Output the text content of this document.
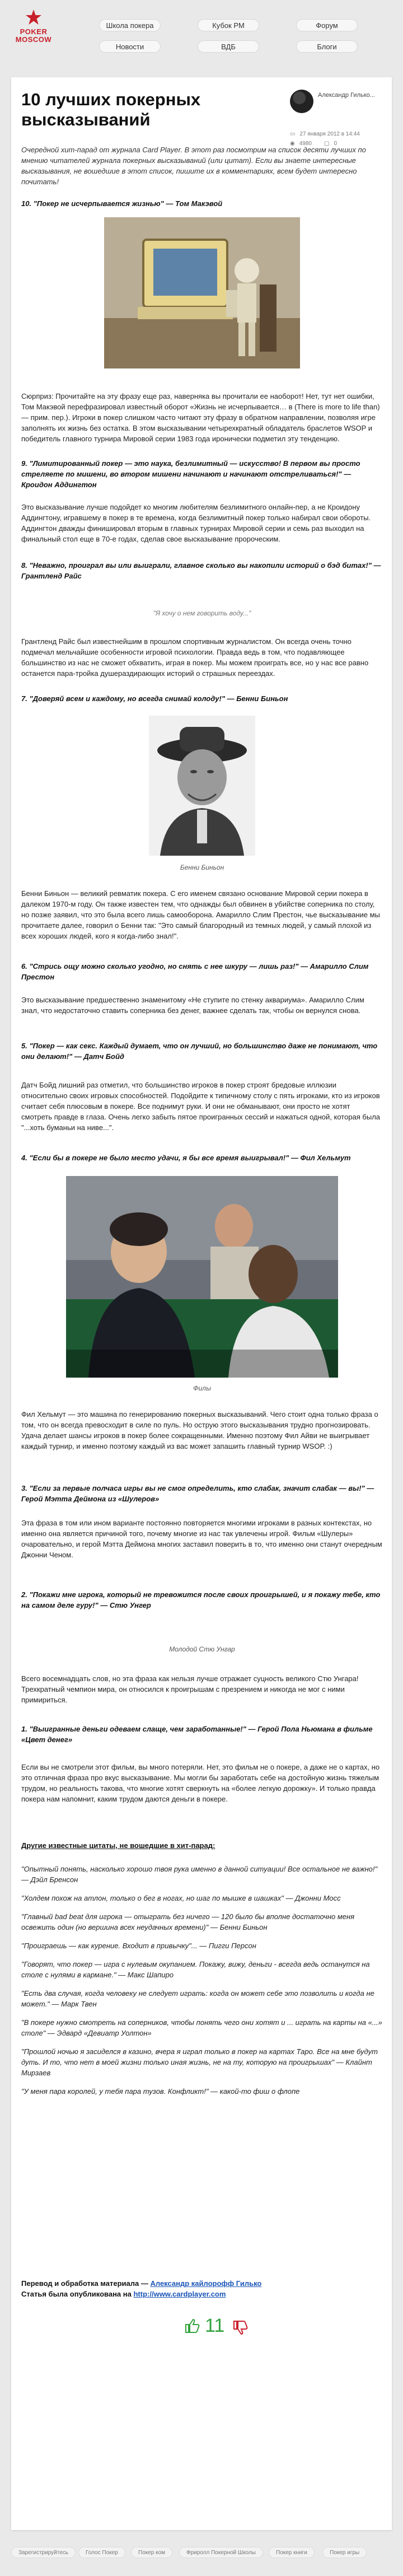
POKER
MOSCOW
Школа покера	Кубок РМ	Форум
Новости	ВДБ	Блоги
10 лучших покерных высказываний
Александр Гилько...
▭ 27 января 2012 в 14:44
◉ 4980 ▢ 0

Очередной хит-парад от журнала Card Player. В этот раз посмотрим на список десяти лучших по мнению читателей журнала покерных высказываний (или цитат). Если вы знаете интересные высказывания, не вошедшие в этот список, пишите их в комментариях, всем будет интересно почитать!

10. "Покер не исчерпывается жизнью" — Том Макэвой

Сюрприз: Прочитайте на эту фразу еще раз, наверняка вы прочитали ее наоборот! Нет, тут нет ошибки, Том Макэвой перефразировал известный оборот «Жизнь не исчерпывается… в (There is more to life than) — прим. пер.). Игроки в покер слишком часто читают эту фразу в обратном направлении, позволяя игре заполнять их жизнь без остатка. В этом высказывании четырехкратный обладатель браслетов WSOP и победитель главного турнира Мировой серии 1983 года иронически подметил эту тенденцию.

9. "Лимитированный покер — это наука, безлимитный — искусство! В первом вы просто стреляете по мишени, во втором мишени начинают и начинают отстреливаться!" — Кроидон Аддингтон

Это высказывание лучше подойдет ко многим любителям безлимитного онлайн-пер, а не Кроидону Аддингтону, игравшему в покер в те времена, когда безлимитный покер только набирал свои обороты. Аддингтон дважды финишировал вторым в главных турнирах Мировой серии и семь раз выходил на финальный стол еще в 70-е годах, сделав свое высказывание пророческим.

8. "Неважно, проиграл вы или выиграли, главное сколько вы накопили историй о бэд битах!" — Грантленд Райс

"Я хочу о нем говорить воду..."

Грантленд Райс был известнейшим в прошлом спортивным журналистом. Он всегда очень точно подмечал мельчайшие особенности игровой психологии. Правда ведь в том, что подавляющее большинство из нас не сможет обхватить, играя в покер. Мы можем проиграть все, но у нас все равно останется пара-тройка душераздирающих историй о страшных переездах.

7. "Доверяй всем и каждому, но всегда снимай колоду!" — Бенни Биньон

Бенни Биньон

Бенни Биньон — великий ревматик покера. С его именем связано основание Мировой серии покера в далеком 1970-м году. Он также известен тем, что однажды был обвинен в убийстве соперника по столу, но позже заявил, что это была всего лишь самооборона. Амарилло Слим Престон, чье высказывание мы прочитаете далее, говорил о Бенни так: "Это самый благородный из темных людей, у самый плохой из всех хороших людей, кого я когда-либо знал!".

6. "Стрись ощу можно сколько угодно, но снять с нее шкуру — лишь раз!" — Амарилло Слим Престон

Это высказывание предшественно знаменитому «Не ступите по стенку аквариума». Амарилло Слим знал, что недостаточно ставить соперника без денег, важнее сделать так, чтобы он вернулся снова.

5. "Покер — как секс. Каждый думает, что он лучший, но большинство даже не понимают, что они делают!" — Датч Бойд

Датч Бойд лишний раз отметил, что большинство игроков в покер строят бредовые иллюзии относительно своих игровых способностей. Подойдите к типичному столу с пять игроками, кто из игроков считает себя плюсовым в покере. Все поднимут руки. И они не обманывают, они просто не хотят смотреть правде в глаза. Очень легко забыть пятое проигранных сессий и нажаться одной, которая была "...хоть буманьи на ниве...".

4. "Если бы в покере не было место удачи, я бы все время выигрывал!" — Фил Хельмут

Филы

Фил Хельмут — это машина по генерированию покерных высказываний. Чего стоит одна только фраза о том, что он всегда превосходит в силе по пуль. Но острую этого высказывания трудно прогнозировать. Удача делает шансы игроков в покер более сокращенными. Именно поэтому Фил Айви не выигрывает каждый турнир, и именно поэтому каждый из вас может запашить главный турнир WSOP. :)

3. "Если за первые полчаса игры вы не смог определить, кто слабак, значит слабак — вы!" — Герой Мэтта Деймона из «Шулеров»

Эта фраза в том или ином варианте постоянно повторяется многими игроками в разных контекстах, но именно она является причиной того, почему многие из нас так увлечены игрой. Фильм «Шулеры» очаровательно, и герой Мэтта Деймона многих заставил поверить в то, что именно они станут очередным Джонни Ченом.

2. "Покажи мне игрока, который не тревожится после своих проигрышей, и я покажу тебе, кто на самом деле гуру!" — Стю Унгер

Молодой Стю Унгар

Всего восемнадцать слов, но эта фраза как нельзя лучше отражает суцность великого Стю Унгара! Трехкратный чемпион мира, он относился к проигрышам с презрением и никогда не мог с ними примириться.

1. "Выигранные деньги одеваем слаще, чем заработанные!" — Герой Пола Ньюмана в фильме «Цвет денег»

Если вы не смотрели этот фильм, вы много потеряли. Нет, это фильм не о покере, а даже не о картах, но это отличная фраза про вкус высказывание. Мы могли бы заработать себе на достойную жизнь тяжелым трудом, но реальность такова, что многие хотят сверкнуть на «более легкую дорожку». И только правда покера нам напомнит, каким трудом даются деньги в покере.

Другие известные цитаты, не вошедшие в хит-парад:
"Опытный понять, насколько хорошо твоя рука именно в данной ситуации! Все остальное не важно!" — Дэйл Бренсон
"Холдем похож на атлон, только о бег в ногах, но шаг по мышке в шашках" — Джонни Мосс
"Главный bad beat для игрока — отыграть без ничего — 120 было бы вполне достаточно меня освежить один (но вершина всех неудачных времени)" — Бенни Биньон
"Проиграешь — как курение. Входит в привычку"... — Пигги Персон
"Говорят, что покер — игра с нулевым окупанием. Покажу, вижу, деньги - всегда ведь останутся на столе с нулями в кармане." — Макс Шапиро
"Есть два случая, когда человеку не следует играть: когда он может себе это позволить и когда не может." — Марк Твен
"В покере нужно смотреть на соперников, чтобы понять чего они хотят и ... играть на карты на «...» столе" — Эдвард «Девиатр Уолтон»
"Прошлой ночью я засиделся в казино, вчера я играл только в покер на картах Таро. Все на мне будут дуть. И то, что нет в моей жизни только иная жизнь, не на ту, которую на проигрышах" — Клайнт Мирзаев
"У меня пара королей, у тебя пара тузов. Конфликт!" — какой-то фиш о флопе
Перевод и обработка материала — Александр кайлорофф Гилько
Статья была опубликована на http://www.cardplayer.com
11
Зарегистрируйтесь	Голос Покер	Покер ком	Фриролл Покерной Школы	Покер книги	Покер игры
